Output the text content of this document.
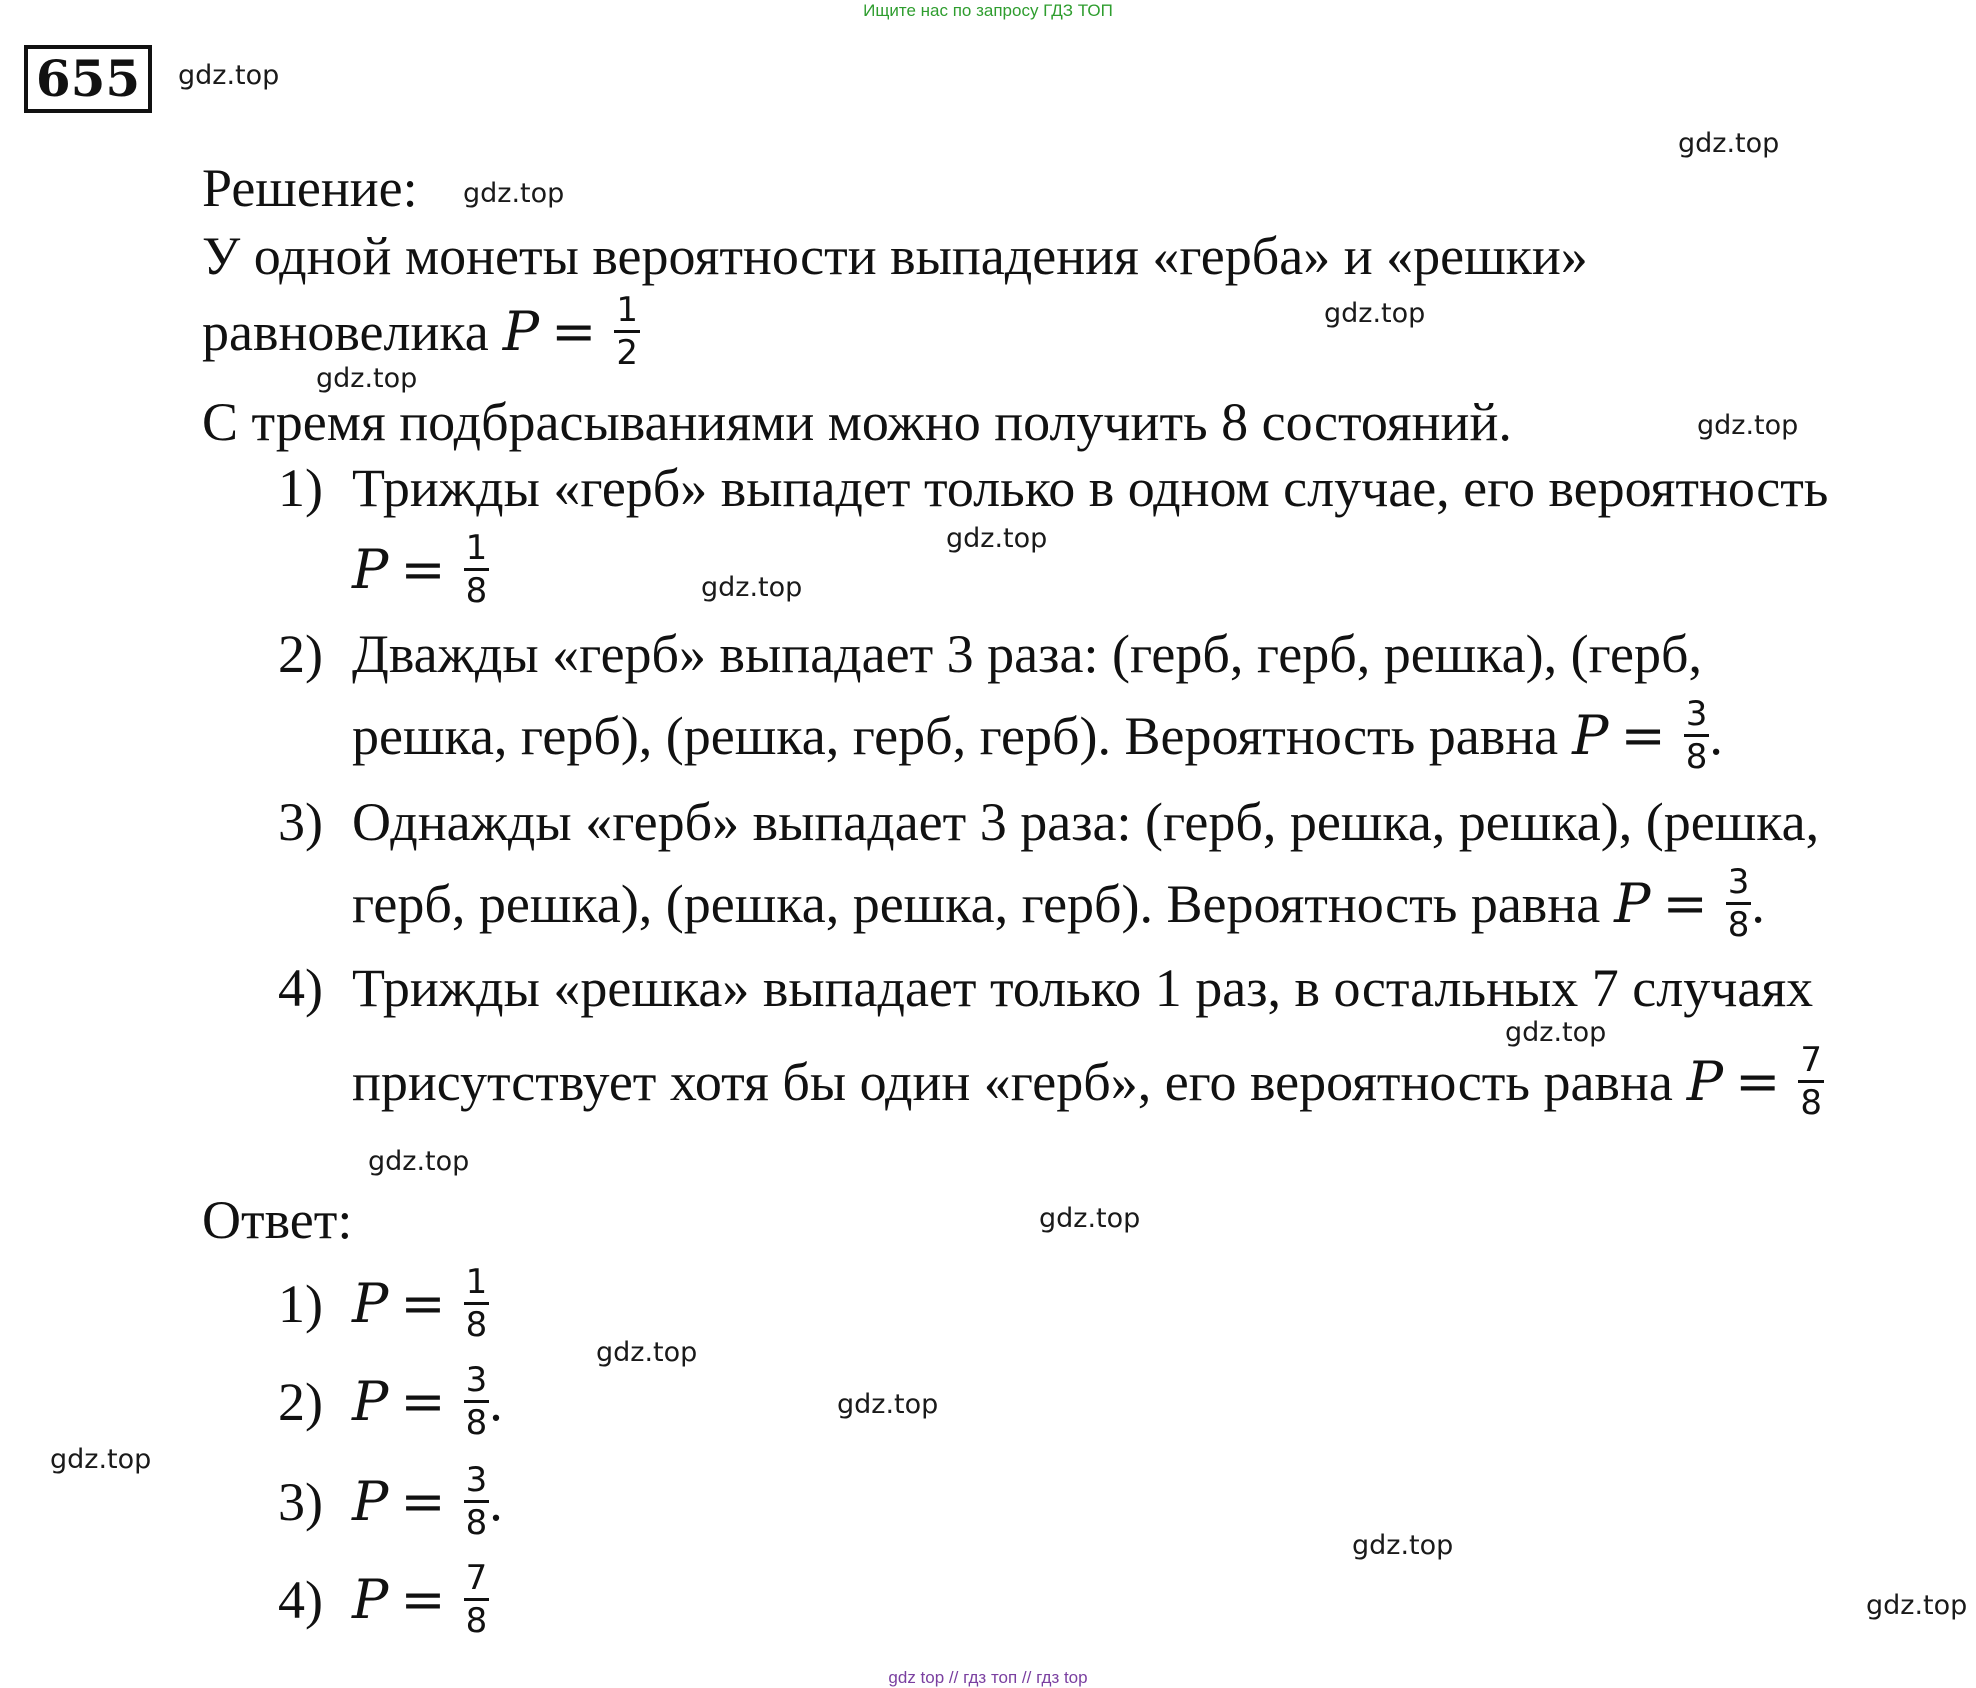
Ищите нас по запросу ГДЗ ТОП
655	gdz.top
gdz.top
gdz.top
gdz.top
gdz.top
gdz.top
gdz.top
gdz.top
gdz.top
gdz.top
gdz.top
gdz.top
gdz.top
gdz.top
gdz.top
gdz.top
Решение:
У одной монеты вероятности выпадения «герба» и «решки»
равновелика $P = \frac{1}{2}$
С тремя подбрасываниями можно получить 8 состояний.
1) Трижды «герб» выпадет только в одном случае, его вероятность
$P = \frac{1}{8}$
2) Дважды «герб» выпадает 3 раза: (герб, герб, решка), (герб,
решка, герб), (решка, герб, герб). Вероятность равна $P = \frac{3}{8}$ .
3) Однажды «герб» выпадает 3 раза: (герб, решка, решка), (решка,
герб, решка), (решка, решка, герб). Вероятность равна $P = \frac{3}{8}$ .
4) Трижды «решка» выпадает только 1 раз, в остальных 7 случаях
присутствует хотя бы один «герб», его вероятность равна $P = \frac{7}{8}$
Ответ:
1) $P = \frac{1}{8}$
2) $P = \frac{3}{8}$ .
3) $P = \frac{3}{8}$ .
4) $P = \frac{7}{8}$
gdz top // гдз топ // гдз top
